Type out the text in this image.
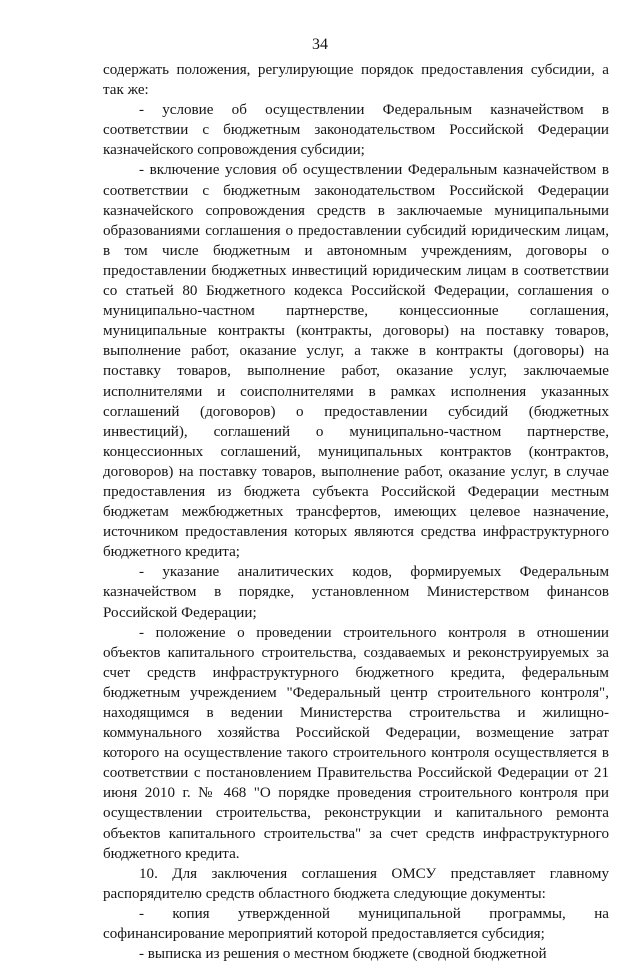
34

содержать положения, регулирующие порядок предоставления субсидии, а так же:

- условие об осуществлении Федеральным казначейством в соответствии с бюджетным законодательством Российской Федерации казначейского сопровождения субсидии;

- включение условия об осуществлении Федеральным казначейством в соответствии с бюджетным законодательством Российской Федерации казначейского сопровождения средств в заключаемые муниципальными образованиями соглашения о предоставлении субсидий юридическим лицам, в том числе бюджетным и автономным учреждениям, договоры о предоставлении бюджетных инвестиций юридическим лицам в соответствии со статьей 80 Бюджетного кодекса Российской Федерации, соглашения о муниципально-частном партнерстве, концессионные соглашения, муниципальные контракты (контракты, договоры) на поставку товаров, выполнение работ, оказание услуг, а также в контракты (договоры) на поставку товаров, выполнение работ, оказание услуг, заключаемые исполнителями и соисполнителями в рамках исполнения указанных соглашений (договоров) о предоставлении субсидий (бюджетных инвестиций), соглашений о муниципально-частном партнерстве, концессионных соглашений, муниципальных контрактов (контрактов, договоров) на поставку товаров, выполнение работ, оказание услуг, в случае предоставления из бюджета субъекта Российской Федерации местным бюджетам межбюджетных трансфертов, имеющих целевое назначение, источником предоставления которых являются средства инфраструктурного бюджетного кредита;

- указание аналитических кодов, формируемых Федеральным казначейством в порядке, установленном Министерством финансов Российской Федерации;

- положение о проведении строительного контроля в отношении объектов капитального строительства, создаваемых и реконструируемых за счет средств инфраструктурного бюджетного кредита, федеральным бюджетным учреждением "Федеральный центр строительного контроля", находящимся в ведении Министерства строительства и жилищно-коммунального хозяйства Российской Федерации, возмещение затрат которого на осуществление такого строительного контроля осуществляется в соответствии с постановлением Правительства Российской Федерации от 21 июня 2010 г. № 468 "О порядке проведения строительного контроля при осуществлении строительства, реконструкции и капитального ремонта объектов капитального строительства" за счет средств инфраструктурного бюджетного кредита.

10. Для заключения соглашения ОМСУ представляет главному распорядителю средств областного бюджета следующие документы:

- копия утвержденной муниципальной программы, на софинансирование мероприятий которой предоставляется субсидия;

- выписка из решения о местном бюджете (сводной бюджетной
